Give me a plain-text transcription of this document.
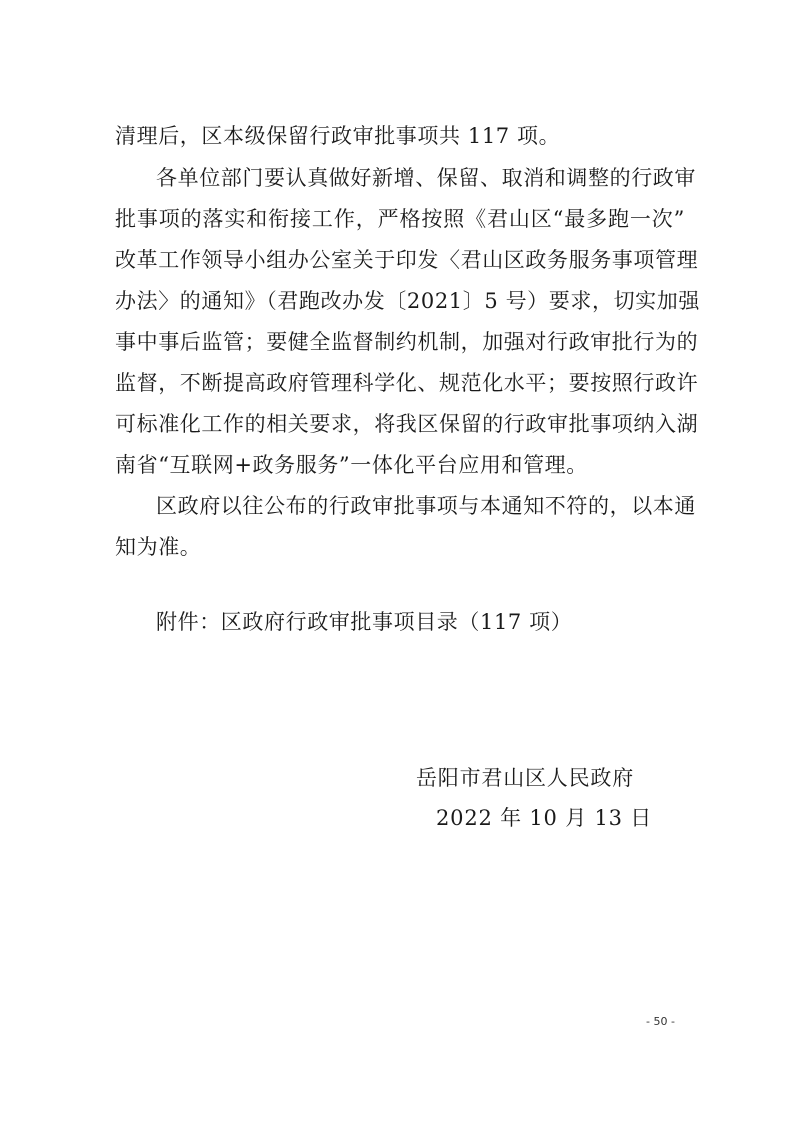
清理后，区本级保留行政审批事项共 117 项。
各单位部门要认真做好新增、保留、取消和调整的行政审
批事项的落实和衔接工作，严格按照《君山区“最多跑一次”
改革工作领导小组办公室关于印发〈君山区政务服务事项管理
办法〉的通知》（君跑改办发〔2021〕5 号）要求，切实加强
事中事后监管；要健全监督制约机制，加强对行政审批行为的
监督，不断提高政府管理科学化、规范化水平；要按照行政许
可标准化工作的相关要求，将我区保留的行政审批事项纳入湖
南省“互联网+政务服务”一体化平台应用和管理。
区政府以往公布的行政审批事项与本通知不符的，以本通
知为准。
附件：区政府行政审批事项目录（117 项）
岳阳市君山区人民政府
2022 年 10 月 13 日
- 50 -
